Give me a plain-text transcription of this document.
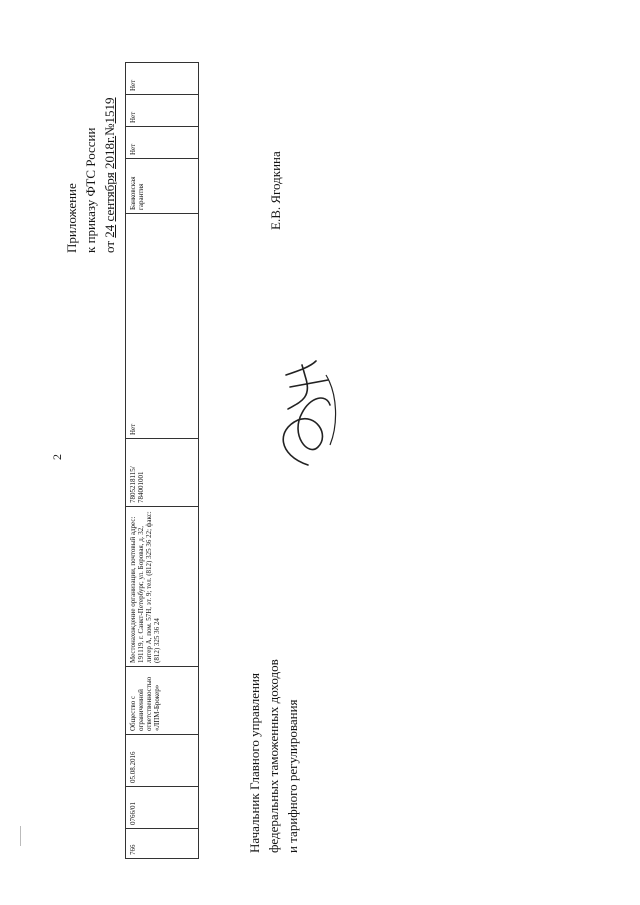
2
Приложение к приказу ФТС России от 24 сентября 2018г.№1519
766	0766/01	05.08.2016	Общество с ограниченной ответственностью «ЛПМ-Брокер»	Местонахождение организации, почтовый адрес: 191119, г. Санкт-Петербург, ул. Боровая, д. 32, литер А, пом. 57Н, эт. 9; тел. (812) 325 36 22; факс: (812) 325 36 24	7805218115/ 784001001	Нет	Банковская гарантия	Нет	Нет	Нет
Начальник Главного управления федеральных таможенных доходов и тарифного регулирования
Е.В. Ягодкина
